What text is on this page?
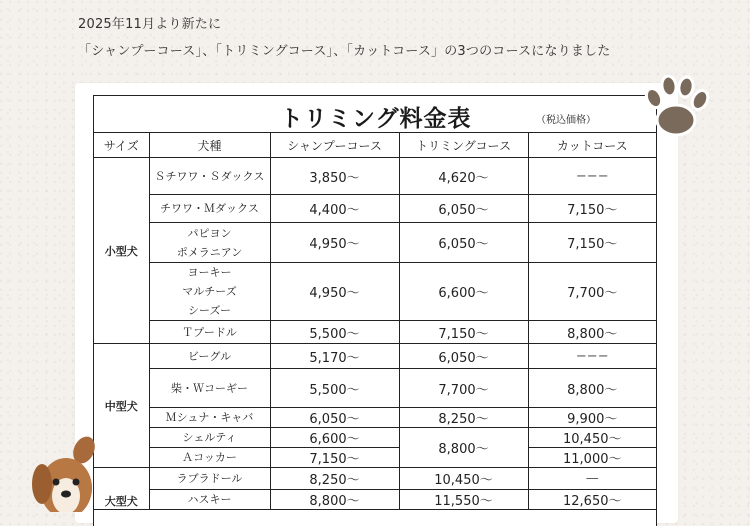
2025年11月より新たに
「シャンプーコース」、「トリミングコース」、「カットコース」の3つのコースになりました
トリミング料金表	（税込価格）
サイズ	犬種	シャンプーコース	トリミングコース	カットコース
小型犬	Ｓチワワ・Ｓダックス	3,850〜	4,620〜	−−−

	チワワ・Ｍダックス	4,400〜	6,050〜	7,150〜

	パピヨン
ポメラニアン	4,950〜	6,050〜	7,150〜

	ヨーキー
マルチーズ
シーズー	4,950〜	6,600〜	7,700〜

	Ｔプードル	5,500〜	7,150〜	8,800〜
中型犬	ビーグル	5,170〜	6,050〜	−−−

	柴・Ｗコーギー	5,500〜	7,700〜	8,800〜

	Ｍシュナ・キャバ	6,050〜	8,250〜	9,900〜

	シェルティ	6,600〜	8,800〜	10,450〜

	Ａコッカー	7,150〜		11,000〜
大型犬	ラブラドール	8,250〜	10,450〜	—

	ハスキー	8,800〜	11,550〜	12,650〜
